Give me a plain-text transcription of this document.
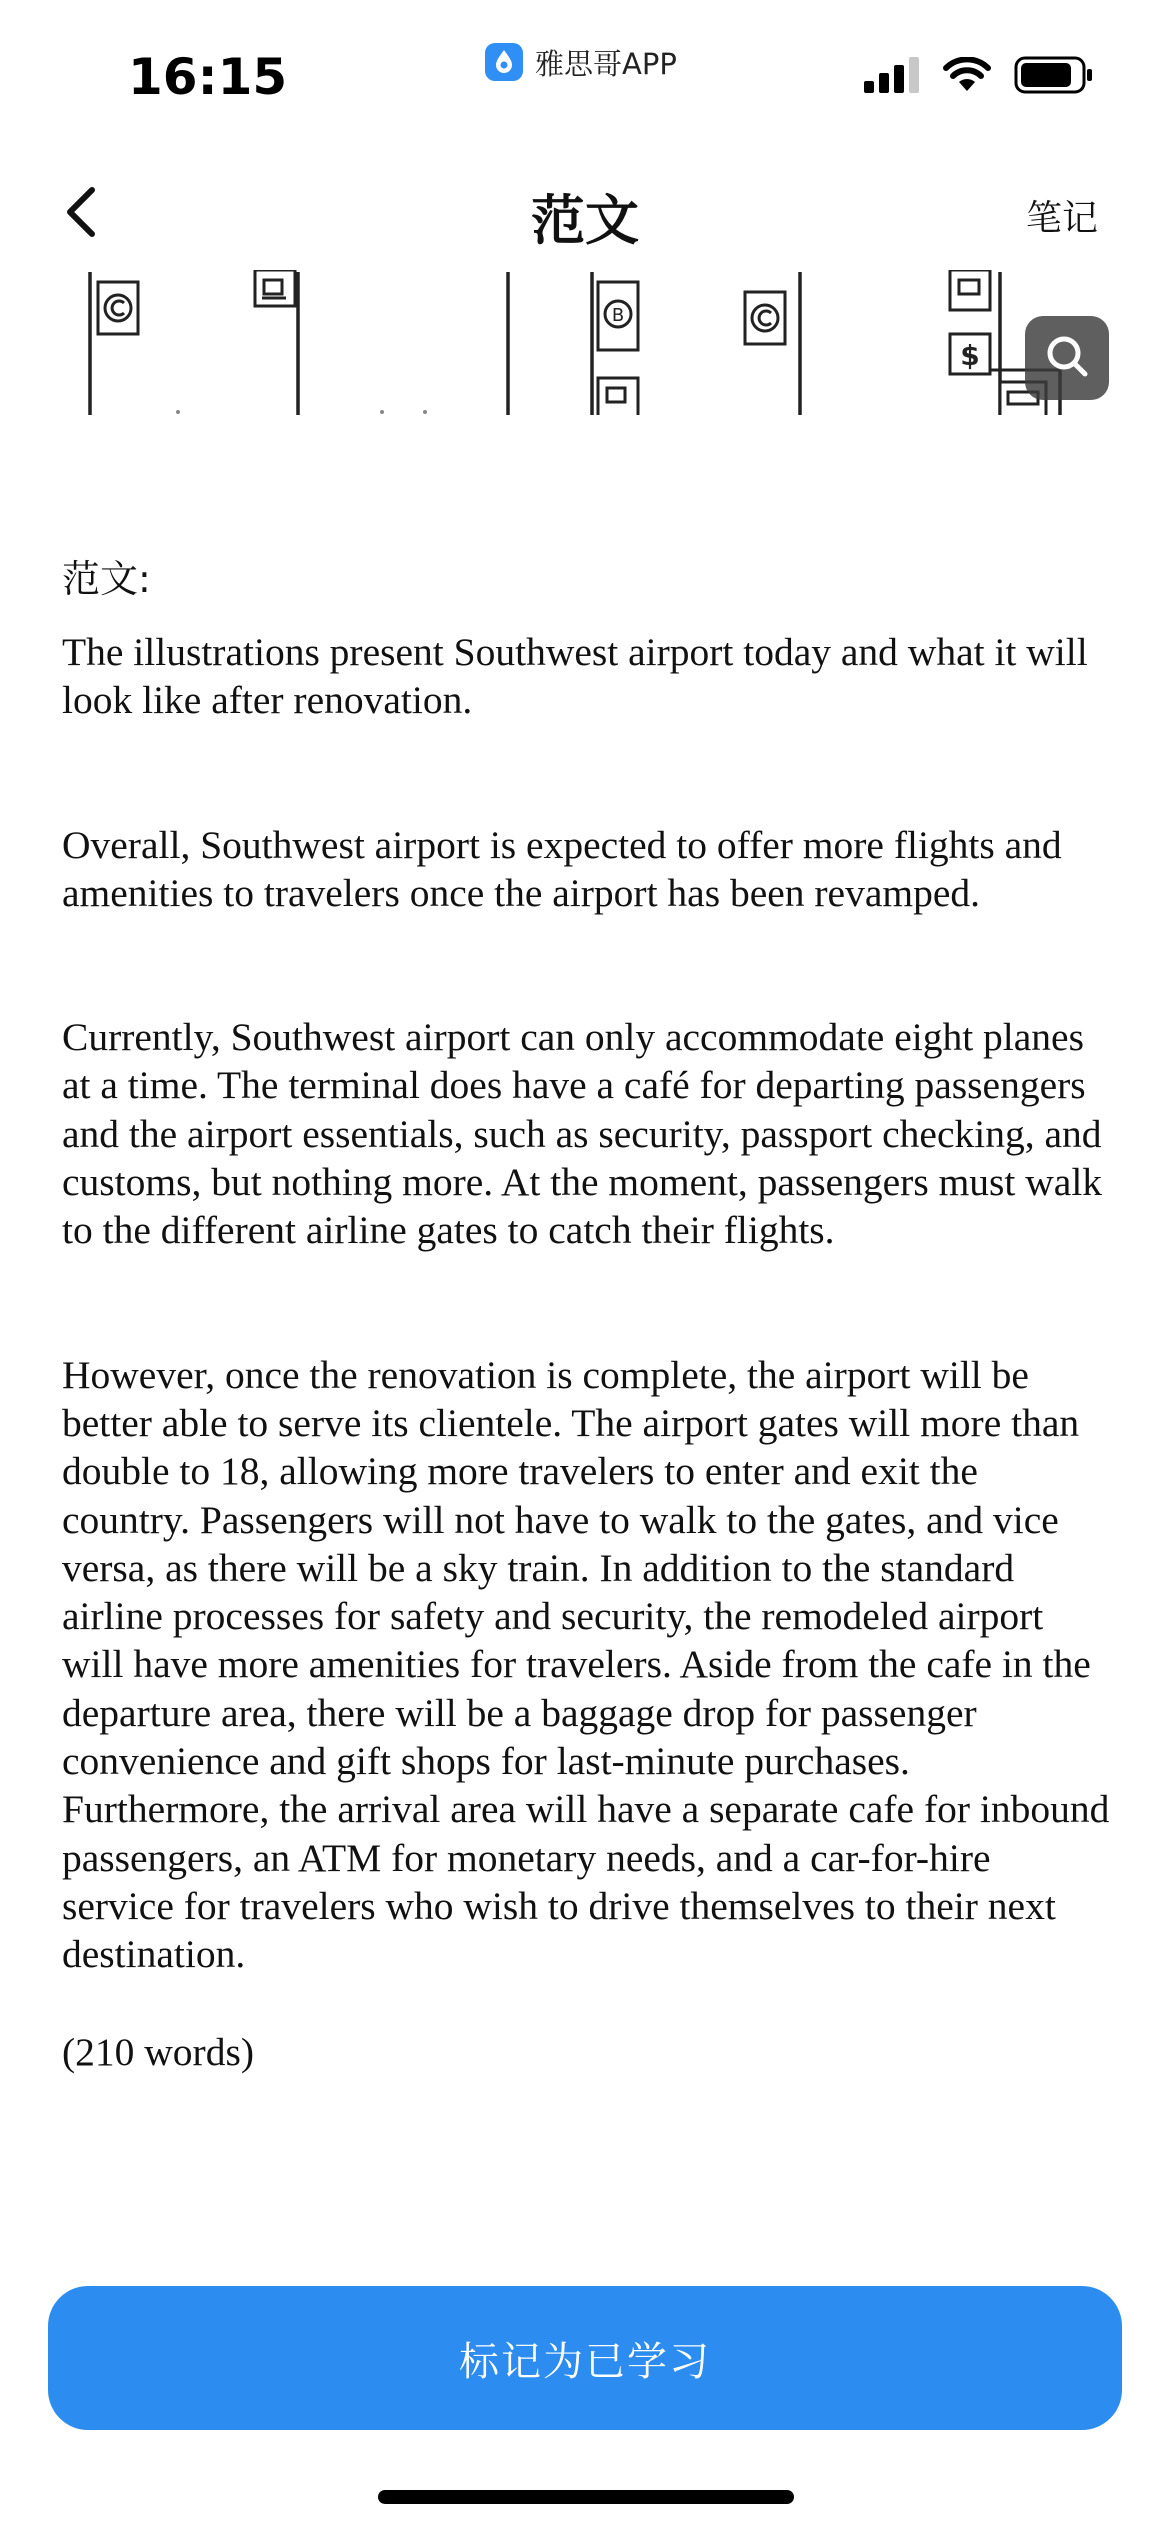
16:15	雅思哥APP
范文	笔记
B
$
范文:

The illustrations present Southwest airport today and what it will look like after renovation.

Overall, Southwest airport is expected to offer more flights and amenities to travelers once the airport has been revamped.

Currently, Southwest airport can only accommodate eight planes at a time. The terminal does have a café for departing passengers and the airport essentials, such as security, passport checking, and customs, but nothing more. At the moment, passengers must walk to the different airline gates to catch their flights.

However, once the renovation is complete, the airport will be better able to serve its clientele. The airport gates will more than double to 18, allowing more travelers to enter and exit the country. Passengers will not have to walk to the gates, and vice versa, as there will be a sky train. In addition to the standard airline processes for safety and security, the remodeled airport will have more amenities for travelers. Aside from the cafe in the departure area, there will be a baggage drop for passenger convenience and gift shops for last-minute purchases. Furthermore, the arrival area will have a separate cafe for inbound passengers, an ATM for monetary needs, and a car-for-hire service for travelers who wish to drive themselves to their next destination.

(210 words)

标记为已学习
